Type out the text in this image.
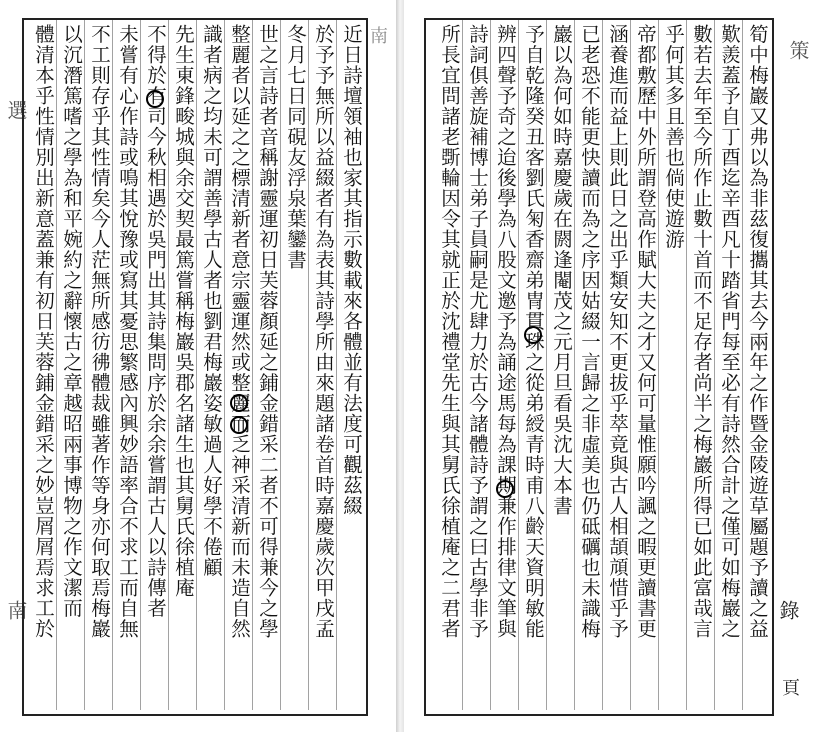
選
南
南
近日詩壇領袖也家其指示數載來各體並有法度可觀茲綴
於予予無所以益綴者有為表其詩學所由來題諸卷首時嘉慶歲次甲戌孟
冬月七日同硯友浮泉葉鑾書
世之言詩者音稱謝靈運初日芙蓉顏延之鋪金錯采二者不可得兼今之學
整麗者以延之之標清新者意宗靈運然或整麗而乏神采清新而未造自然
識者病之均未可謂善學古人者也劉君梅巖姿敏過人好學不倦顧
先生東鋒畯城與余交契最篤嘗稱梅巖吳郡名諸生也其舅氏徐植庵
不得於有司今秋相遇於吳門出其詩集問序於余余嘗謂古人以詩傳者
未嘗有心作詩或鳴其悅豫或寫其憂思繁感內興妙語率合不求工而自無
不工則存乎其性情矣今人茫無所感彷彿體裁雖著作等身亦何取焉梅巖
以沉潛篤嗜之學為和平婉約之辭懷古之章越昭兩事博物之作文潔而
體清本乎性情別出新意蓋兼有初日芙蓉鋪金錯采之妙豈屑屑焉求工於	錄
頁
策
筍中梅巖又弗以為非茲復攜其去今兩年之作暨金陵遊草屬題予讀之益
歎羨蓋予自丁酉迄辛酉凡十踏省門每至必有詩然合計之僅可如梅巖之
數若去年至今所作止數十首而不足存者尚半之梅巖所得已如此富哉言
乎何其多且善也倘使遊游
帝都敷歷中外所謂登高作賦大夫之才又何可量惟願吟諷之暇更讀書更
涵養進而益上則此日之出乎類安知不更拔乎萃竟與古人相頡頏惜乎予
已老恐不能更快讀而為之序因姑綴一言歸之非虛美也仍砥礪也未識梅
巖以為何如時嘉慶歲在閼逢閹茂之元月旦看吳沈大本書
予自乾隆癸丑客劉氏匊香齋弟冑貫珠之從弟綬青時甫八齡天資明敏能
辨四聲予奇之迨後學為八股文邀予為誦途馬每為課期兼作排律文筆與
詩詞俱善旋補博士弟子員嗣是尤肆力於古今諸體詩予謂之曰古學非予
所長宜問諸老斲輪因令其就正於沈禮堂先生與其舅氏徐植庵之二君者
